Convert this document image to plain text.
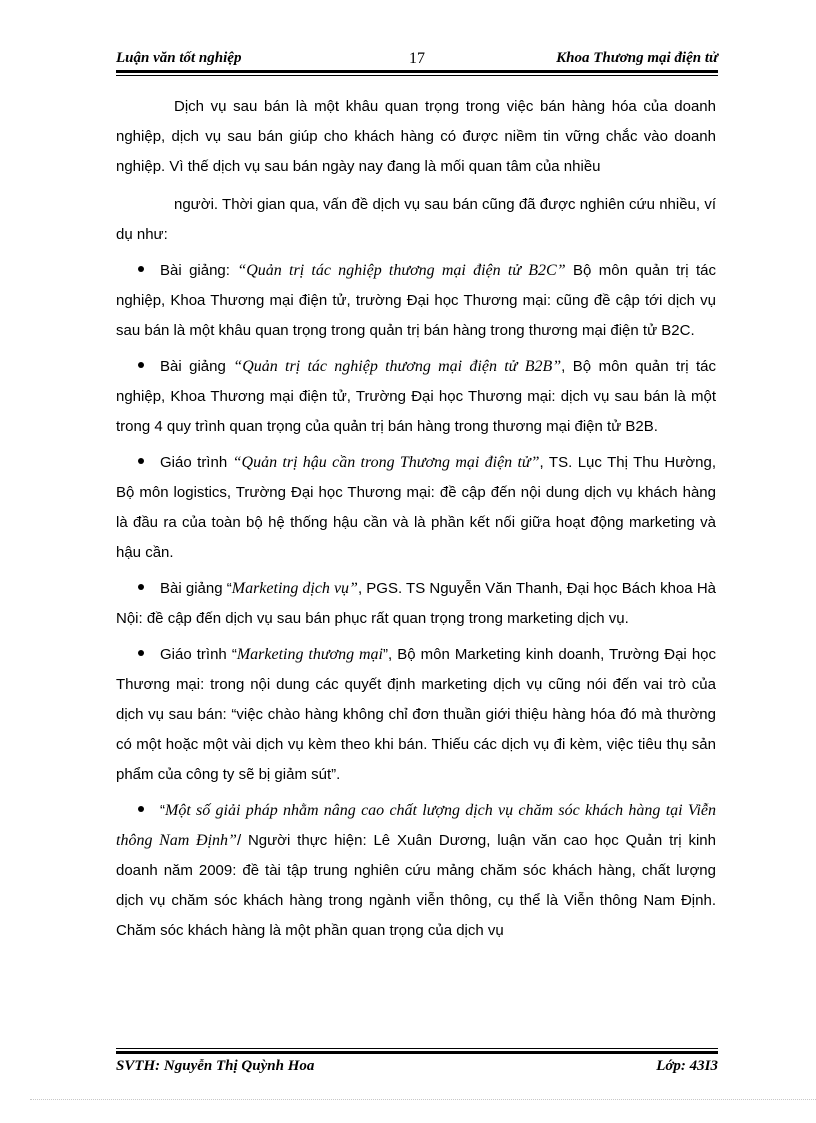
Luận văn tốt nghiệp	17	Khoa Thương mại điện tử

Dịch vụ sau bán là một khâu quan trọng trong việc bán hàng hóa của doanh nghiệp, dịch vụ sau bán giúp cho khách hàng có được niềm tin vững chắc vào doanh nghiệp. Vì thế dịch vụ sau bán ngày nay đang là mối quan tâm của nhiều

người. Thời gian qua, vấn đề dịch vụ sau bán cũng đã được nghiên cứu nhiều, ví dụ như:

Bài giảng: “Quản trị tác nghiệp thương mại điện tử B2C” Bộ môn quản trị tác nghiệp, Khoa Thương mại điện tử, trường Đại học Thương mại: cũng đề cập tới dịch vụ sau bán là một khâu quan trọng trong quản trị bán hàng trong thương mại điện tử B2C.

Bài giảng “Quản trị tác nghiệp thương mại điện tử B2B”, Bộ môn quản trị tác nghiệp, Khoa Thương mại điện tử, Trường Đại học Thương mại: dịch vụ sau bán là một trong 4 quy trình quan trọng của quản trị bán hàng trong thương mại điện tử B2B.

Giáo trình “Quản trị hậu cần trong Thương mại điện tử”, TS. Lục Thị Thu Hường, Bộ môn logistics, Trường Đại học Thương mại: đề cập đến nội dung dịch vụ khách hàng là đầu ra của toàn bộ hệ thống hậu cần và là phần kết nối giữa hoạt động marketing và hậu cần.

Bài giảng “Marketing dịch vụ”, PGS. TS Nguyễn Văn Thanh, Đại học Bách khoa Hà Nội: đề cập đến dịch vụ sau bán phục rất quan trọng trong marketing dịch vụ.

Giáo trình “Marketing thương mại”, Bộ môn Marketing kinh doanh, Trường Đại học Thương mại: trong nội dung các quyết định marketing dịch vụ cũng nói đến vai trò của dịch vụ sau bán: “việc chào hàng không chỉ đơn thuần giới thiệu hàng hóa đó mà thường có một hoặc một vài dịch vụ kèm theo khi bán. Thiếu các dịch vụ đi kèm, việc tiêu thụ sản phẩm của công ty sẽ bị giảm sút”.

“Một số giải pháp nhằm nâng cao chất lượng dịch vụ chăm sóc khách hàng tại Viễn thông Nam Định”/ Người thực hiện: Lê Xuân Dương, luận văn cao học Quản trị kinh doanh năm 2009: đề tài tập trung nghiên cứu mảng chăm sóc khách hàng, chất lượng dịch vụ chăm sóc khách hàng trong ngành viễn thông, cụ thể là Viễn thông Nam Định. Chăm sóc khách hàng là một phần quan trọng của dịch vụ

SVTH: Nguyễn Thị Quỳnh Hoa	Lớp: 43I3
